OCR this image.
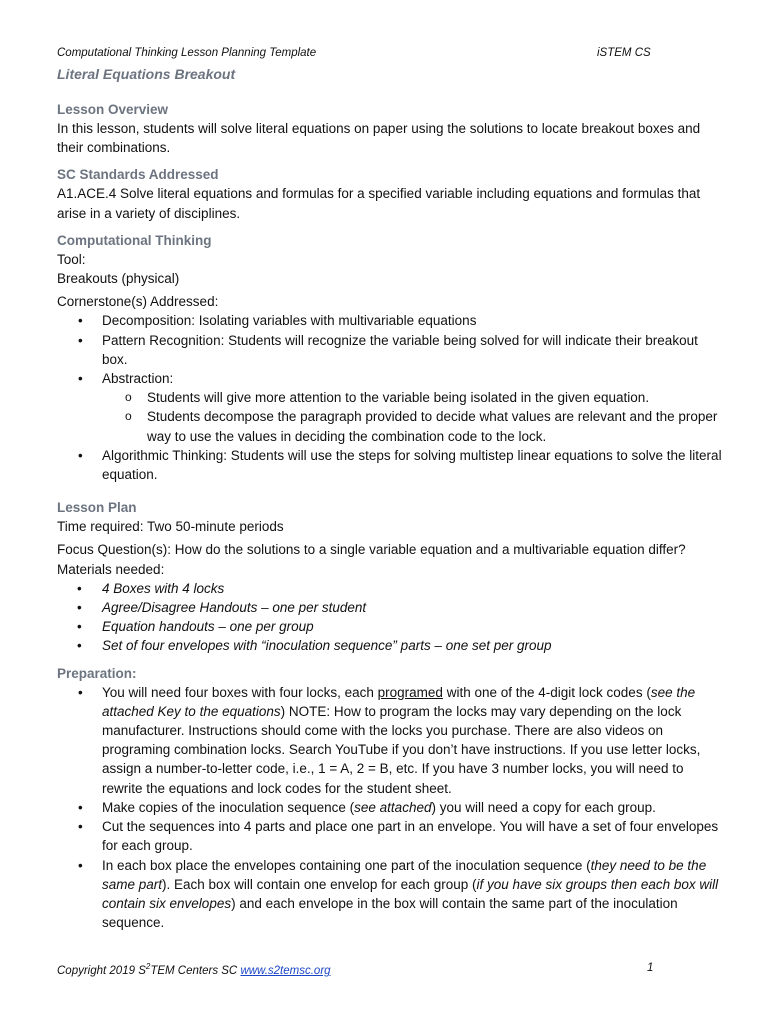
Computational Thinking Lesson Planning Template	iSTEM CS
Literal Equations Breakout
Lesson Overview

In this lesson, students will solve literal equations on paper using the solutions to locate breakout boxes and their combinations.

SC Standards Addressed

A1.ACE.4 Solve literal equations and formulas for a specified variable including equations and formulas that arise in a variety of disciplines.

Computational Thinking

Tool:

Breakouts (physical)

Cornerstone(s) Addressed:

•	Decomposition: Isolating variables with multivariable equations
•	Pattern Recognition: Students will recognize the variable being solved for will indicate their breakout box.
•	Abstraction:
o Students will give more attention to the variable being isolated in the given equation.
o Students decompose the paragraph provided to decide what values are relevant and the proper way to use the values in deciding the combination code to the lock.
•	Algorithmic Thinking: Students will use the steps for solving multistep linear equations to solve the literal equation.
Lesson Plan

Time required: Two 50-minute periods

Focus Question(s): How do the solutions to a single variable equation and a multivariable equation differ?

Materials needed:

• 4 Boxes with 4 locks
• Agree/Disagree Handouts – one per student
• Equation handouts – one per group
• Set of four envelopes with “inoculation sequence” parts – one set per group
Preparation:
•	You will need four boxes with four locks, each programed with one of the 4-digit lock codes (see the attached Key to the equations) NOTE: How to program the locks may vary depending on the lock manufacturer. Instructions should come with the locks you purchase. There are also videos on programing combination locks. Search YouTube if you don’t have instructions. If you use letter locks, assign a number-to-letter code, i.e., 1 = A, 2 = B, etc. If you have 3 number locks, you will need to rewrite the equations and lock codes for the student sheet.
•	Make copies of the inoculation sequence (see attached) you will need a copy for each group.
•	Cut the sequences into 4 parts and place one part in an envelope. You will have a set of four envelopes for each group.
•	In each box place the envelopes containing one part of the inoculation sequence (they need to be the same part). Each box will contain one envelop for each group (if you have six groups then each box will contain six envelopes) and each envelope in the box will contain the same part of the inoculation sequence.
Copyright 2019 $S^2TEM$ Centers SC www.s2temsc.org	1
